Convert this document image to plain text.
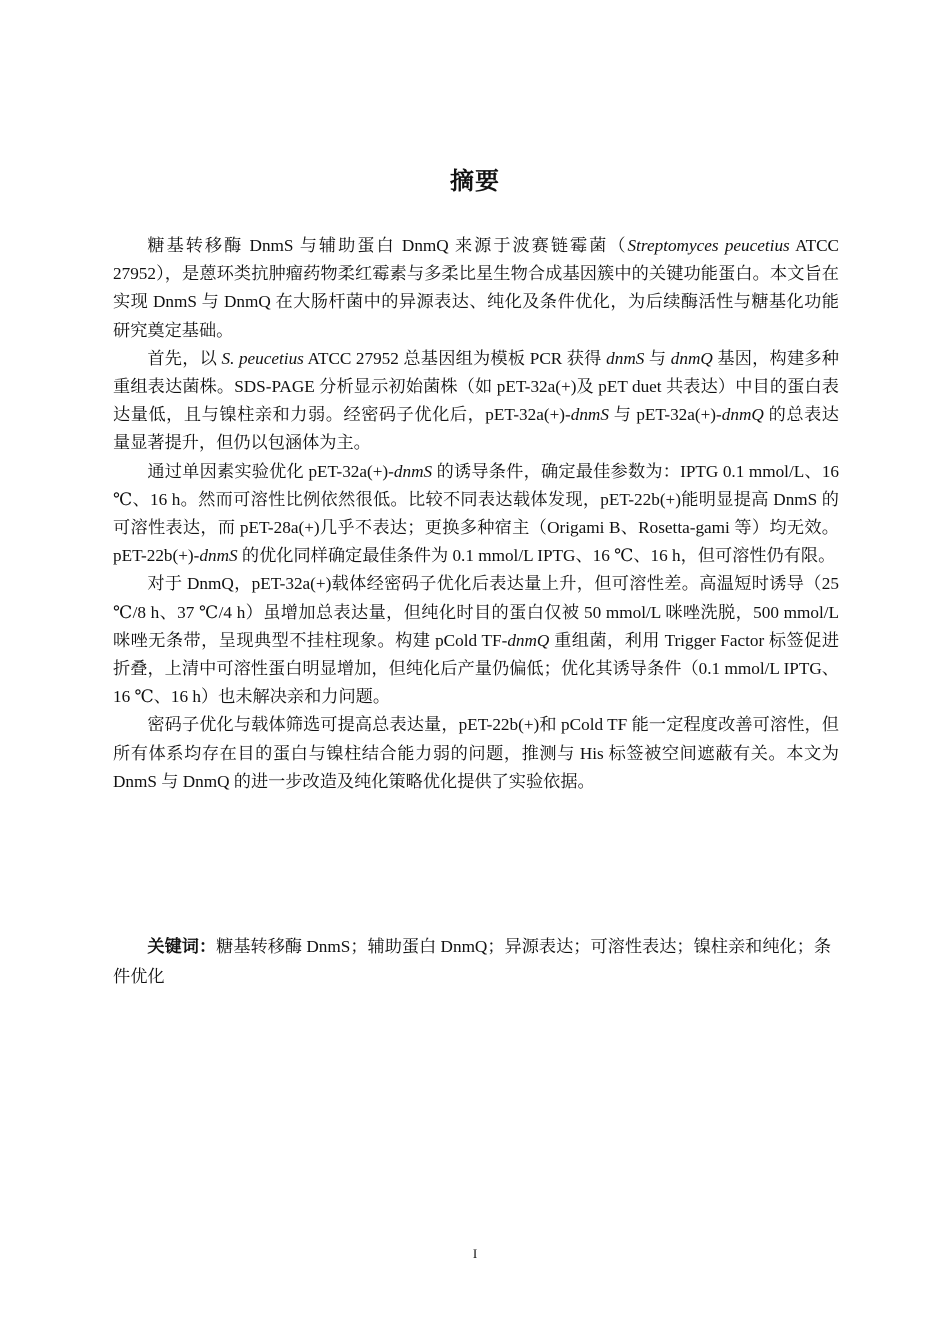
摘要

糖基转移酶 DnmS 与辅助蛋白 DnmQ 来源于波赛链霉菌（Streptomyces peucetius ATCC 27952），是蒽环类抗肿瘤药物柔红霉素与多柔比星生物合成基因簇中的关键功能蛋白。本文旨在实现 DnmS 与 DnmQ 在大肠杆菌中的异源表达、纯化及条件优化，为后续酶活性与糖基化功能研究奠定基础。

首先，以 S. peucetius ATCC 27952 总基因组为模板 PCR 获得 dnmS 与 dnmQ 基因，构建多种重组表达菌株。SDS-PAGE 分析显示初始菌株（如 pET-32a(+)及 pET duet 共表达）中目的蛋白表达量低，且与镍柱亲和力弱。经密码子优化后，pET-32a(+)-dnmS 与 pET-32a(+)-dnmQ 的总表达量显著提升，但仍以包涵体为主。

通过单因素实验优化 pET-32a(+)-dnmS 的诱导条件，确定最佳参数为：IPTG 0.1 mmol/L、16 ℃、16 h。然而可溶性比例依然很低。比较不同表达载体发现，pET-22b(+)能明显提高 DnmS 的可溶性表达，而 pET-28a(+)几乎不表达；更换多种宿主（Origami B、Rosetta-gami 等）均无效。pET-22b(+)-dnmS 的优化同样确定最佳条件为 0.1 mmol/L IPTG、16 ℃、16 h，但可溶性仍有限。

对于 DnmQ，pET-32a(+)载体经密码子优化后表达量上升，但可溶性差。高温短时诱导（25 ℃/8 h、37 ℃/4 h）虽增加总表达量，但纯化时目的蛋白仅被 50 mmol/L 咪唑洗脱，500 mmol/L 咪唑无条带，呈现典型不挂柱现象。构建 pCold TF-dnmQ 重组菌，利用 Trigger Factor 标签促进折叠，上清中可溶性蛋白明显增加，但纯化后产量仍偏低；优化其诱导条件（0.1 mmol/L IPTG、16 ℃、16 h）也未解决亲和力问题。

密码子优化与载体筛选可提高总表达量，pET-22b(+)和 pCold TF 能一定程度改善可溶性，但所有体系均存在目的蛋白与镍柱结合能力弱的问题，推测与 His 标签被空间遮蔽有关。本文为 DnmS 与 DnmQ 的进一步改造及纯化策略优化提供了实验依据。

关键词：糖基转移酶 DnmS；辅助蛋白 DnmQ；异源表达；可溶性表达；镍柱亲和纯化；条件优化

I
